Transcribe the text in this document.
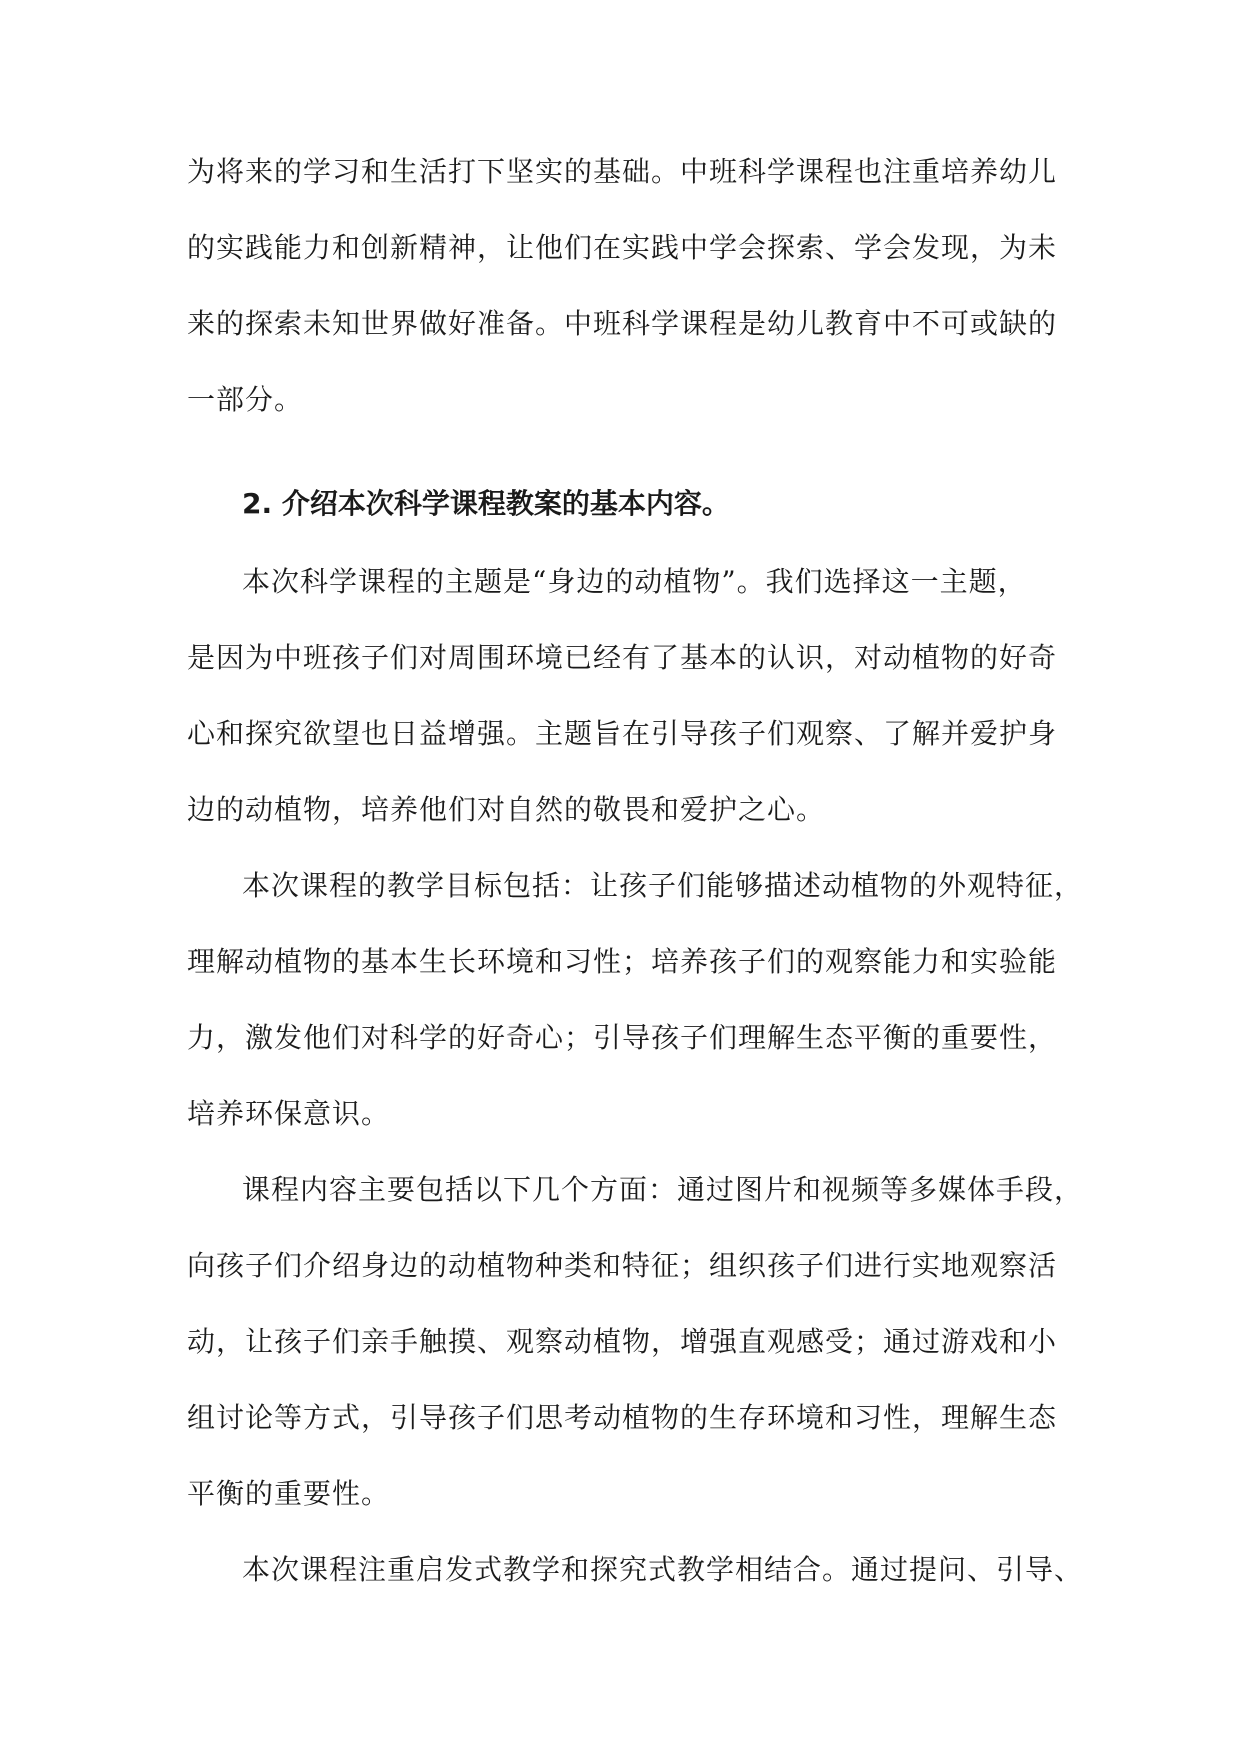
为将来的学习和生活打下坚实的基础。中班科学课程也注重培养幼儿
的实践能力和创新精神，让他们在实践中学会探索、学会发现，为未
来的探索未知世界做好准备。中班科学课程是幼儿教育中不可或缺的
一部分。
2. 介绍本次科学课程教案的基本内容。
本次科学课程的主题是“身边的动植物”。我们选择这一主题，
是因为中班孩子们对周围环境已经有了基本的认识，对动植物的好奇
心和探究欲望也日益增强。主题旨在引导孩子们观察、了解并爱护身
边的动植物，培养他们对自然的敬畏和爱护之心。
本次课程的教学目标包括：让孩子们能够描述动植物的外观特征，
理解动植物的基本生长环境和习性；培养孩子们的观察能力和实验能
力，激发他们对科学的好奇心；引导孩子们理解生态平衡的重要性，
培养环保意识。
课程内容主要包括以下几个方面：通过图片和视频等多媒体手段，
向孩子们介绍身边的动植物种类和特征；组织孩子们进行实地观察活
动，让孩子们亲手触摸、观察动植物，增强直观感受；通过游戏和小
组讨论等方式，引导孩子们思考动植物的生存环境和习性，理解生态
平衡的重要性。
本次课程注重启发式教学和探究式教学相结合。通过提问、引导、
